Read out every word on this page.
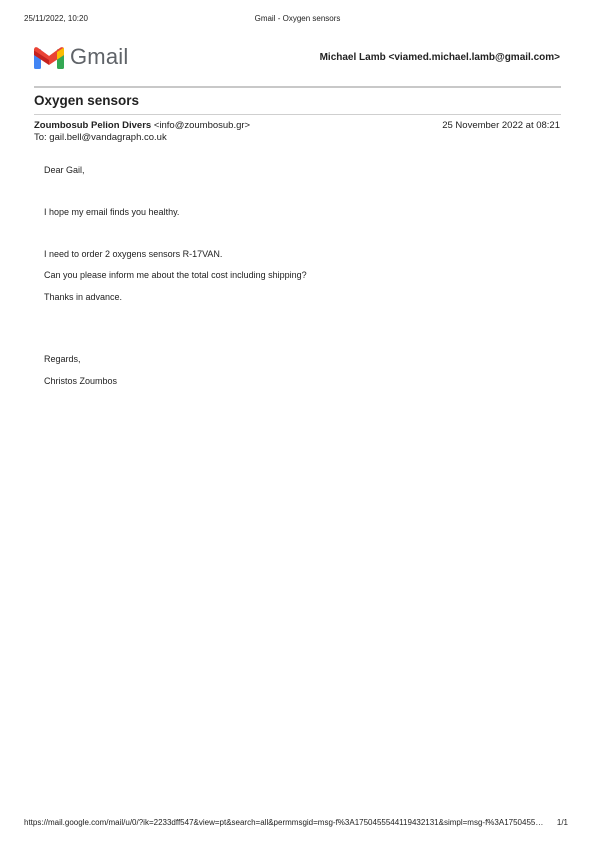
25/11/2022, 10:20	Gmail - Oxygen sensors
Gmail	Michael Lamb <viamed.michael.lamb@gmail.com>
Oxygen sensors
Zoumbosub Pelion Divers <info@zoumbosub.gr>	25 November 2022 at 08:21
To: gail.bell@vandagraph.co.uk
Dear Gail,
I hope my email finds you healthy.
I need to order 2 oxygens sensors R-17VAN.
Can you please inform me about the total cost including shipping?
Thanks in advance.
Regards,
Christos Zoumbos
https://mail.google.com/mail/u/0/?ik=2233dff547&view=pt&search=all&permmsgid=msg-f%3A1750455544119432131&simpl=msg-f%3A1750455…	1/1
